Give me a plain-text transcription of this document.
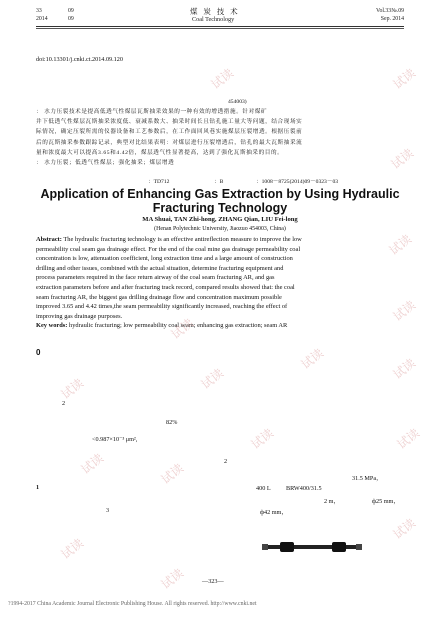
33	09
2014	09
煤 炭 技 术
Coal Technology
Vol.33№.09
Sep. 2014
doi:10.13301/j.cnki.ct.2014.09.120
454003)
： 水力压裂技术是提高低透气性煤层瓦斯抽采效果的一种有效的增透措施。针对煤矿
井下低透气性煤层瓦斯抽采浓度低、衰减系数大、抽采时间长且钻孔施工量大等问题，结合现场实
际情况，确定压裂所需的仪器设备和工艺参数后，在工作面回风巷实施煤层压裂增透。根据压裂前
后的瓦斯抽采参数跟踪记录，典型对比结果表明：对煤层进行压裂增透后，钻孔的最大瓦斯抽采流
量和浓度最大可以提高3.65和4.42倍，煤层透气性显著提高，达到了强化瓦斯抽采的目的。
： 水力压裂；低透气性煤层；强化抽采；煤层增透
：TD712	：B	：1008－8725(2014)09－0323－03
Application of Enhancing Gas Extraction by Using Hydraulic
Fracturing Technology
MA Shuai, TAN Zhi-hong, ZHANG Qian, LIU Fei-long
(Henan Polytechnic University, Jiaozuo 454003, China)
Abstract: The hydraulic fracturing technology is an effective antireflection measure to improve the low
permeability coal seam gas drainage effect. For the end of the coal mine gas drainage permeability coal
concentration is low, attenuation coefficient, long extraction time and a large amount of construction
drilling and other issues, combined with the actual situation, determine fracturing equipment and
process parameters required in the face return airway of the coal seam fracturing AR, and gas
extraction parameters before and after fracturing track record, compared results showed that: the coal
seam fracturing AR, the biggest gas drilling drainage flow and concentration maximum possible
improved 3.65 and 4.42 times,the seam permeability significantly increased, reaching the effect of
improving gas drainage purposes.
Key words: hydraulic fracturing; low permeability coal seam; enhancing gas extraction; seam AR
0
2
82%
<0.987×10⁻³ μm²,
2
31.5 MPa，
1	400 L BRW400/31.5
2 m，	ф25 mm，
3	ф42 mm，
试读
试读
试读
试读
试读
试读
试读
试读
试读
试读
试读
试读	试读
试读
试读
试读
试读	—323—
?1994-2017 China Academic Journal Electronic Publishing House. All rights reserved. http://www.cnki.net
